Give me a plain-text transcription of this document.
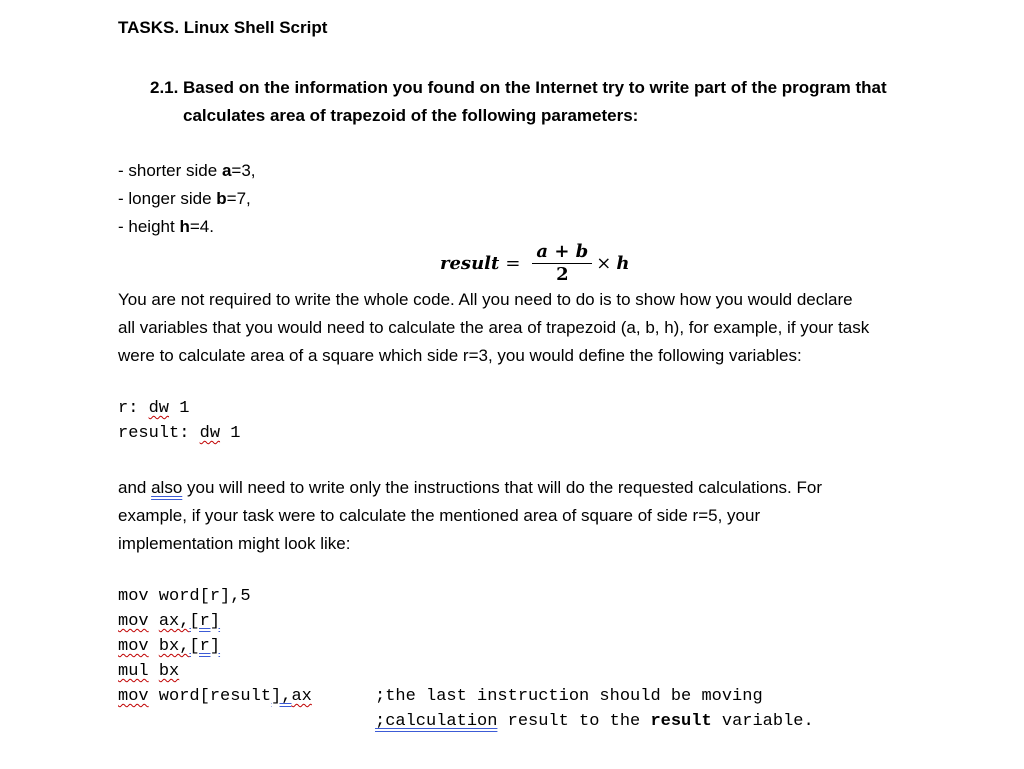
TASKS. Linux Shell Script
2.1. Based on the information you found on the Internet try to write part of the program that
calculates area of trapezoid of the following parameters:
- shorter side a=3,
- longer side b=7,
- height h=4.
result = $\frac{a + b}{2} \times h$
You are not required to write the whole code. All you need to do is to show how you would declare
all variables that you would need to calculate the area of trapezoid (a, b, h), for example, if your task
were to calculate area of a square which side r=3, you would define the following variables:
r: dw 1
result: dw 1
and also you will need to write only the instructions that will do the requested calculations. For
example, if your task were to calculate the mentioned area of square of side r=5, your
implementation might look like:
mov word[r],5
mov ax,[r]
mov bx,[r]
mul bx
mov word[result],ax	;the last instruction should be moving
;calculation result to the result variable.
